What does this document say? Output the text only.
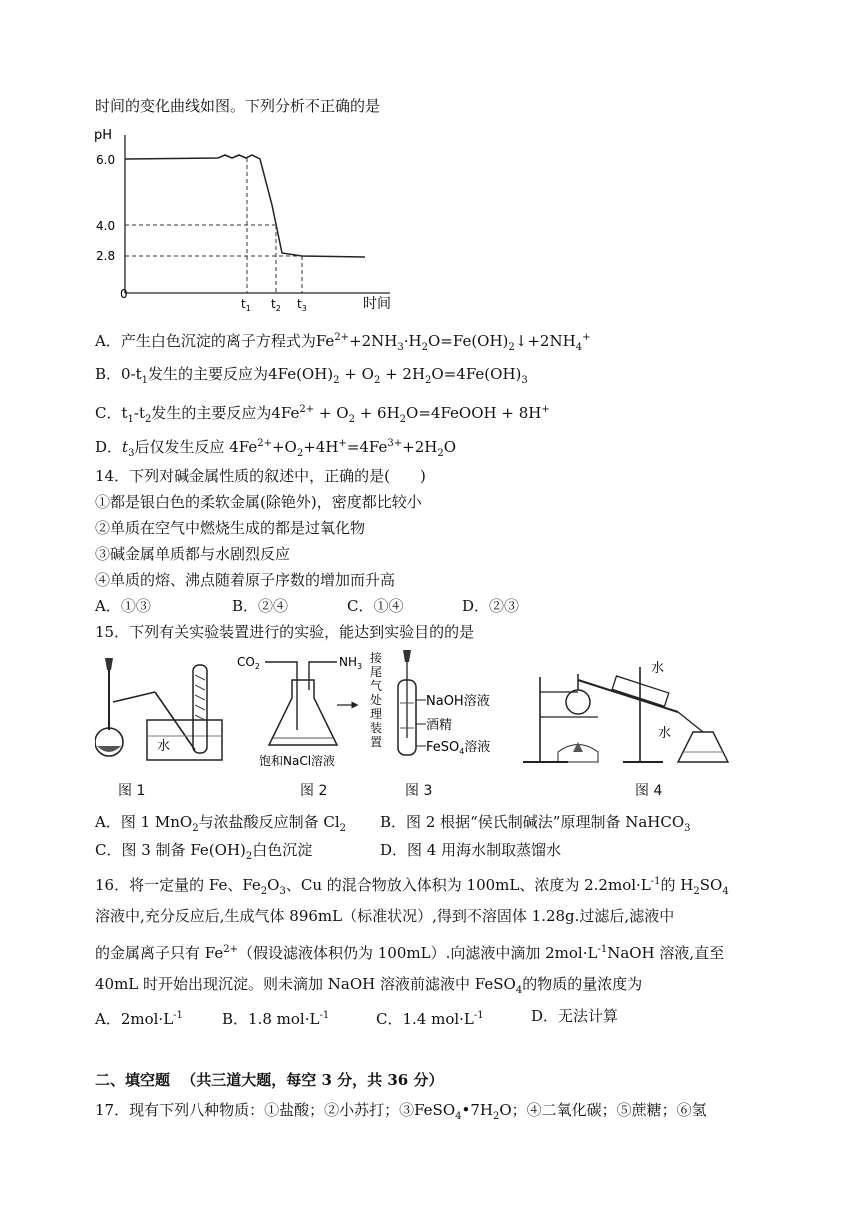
时间的变化曲线如图。下列分析不正确的是
pH
6.0
4.0
2.8
0
$t_1$ $t_2$ $t_3$	时间
A．产生白色沉淀的离子方程式为$Fe^{2+}+2NH_3\cdot H_2O=Fe(OH)_2↓+2NH_4^+$
B．$0-t_1$发生的主要反应为$4Fe(OH)_2 + O_2 + 2H_2O=4Fe(OH)_3$
C．$t_1-t_2$发生的主要反应为$4Fe^{2+} + O_2$ + $6H_2O=4FeOOH + 8H^+$
D．$t_3$后仅发生反应 $4Fe^{2+}+O_2+4H^+=4Fe^{3+}+2H_2O$
14．下列对碱金属性质的叙述中，正确的是(　　)
①都是银白色的柔软金属(除铯外)，密度都比较小
②单质在空气中燃烧生成的都是过氧化物
③碱金属单质都与水剧烈反应
④单质的熔、沸点随着原子序数的增加而升高
A．①③	B．②④	C．①④	D．②③
15．下列有关实验装置进行的实验，能达到实验目的的是
水
图 1
$CO_2$	$NH_3$
饱和NaCl溶液
图 2
接
尾
气
处
理
装
置
NaOH溶液
酒精
FeSO$_4$溶液
图 3
水
水
图 4
A．图 1 MnO$_2$与浓盐酸反应制备 $Cl_2$ B．图 2 根据“侯氏制碱法”原理制备 NaHCO$_3$
C．图 3 制备 $Fe(OH)_2$白色沉淀	D．图 4 用海水制取蒸馏水
16．将一定量的 Fe、$Fe_2O_3$、Cu 的混合物放入体积为 100mL、浓度为 $2.2mol\cdot L^{-1}$的 $H_2SO_4$
溶液中,充分反应后,生成气体 896mL（标准状况）,得到不溶固体 1.28g.过滤后,滤液中
的金属离子只有 $Fe^{2+}$（假设滤液体积仍为 100mL）.向滤液中滴加 $2mol\cdot L^{-1}NaOH$ 溶液,直至
40mL 时开始出现沉淀。则未滴加 NaOH 溶液前滤液中 FeSO$_4$的物质的量浓度为
A．$2mol\cdot L^{-1}$	B．1.8 $mol\cdot L^{-1}$	C．1.4 $mol\cdot L^{-1}$	D．无法计算
二、填空题 （共三道大题，每空 3 分，共 36 分）
17．现有下列八种物质：①盐酸；②小苏打；$③FeSO_4•7H_2O$；④二氧化碳；⑤蔗糖；⑥氢
